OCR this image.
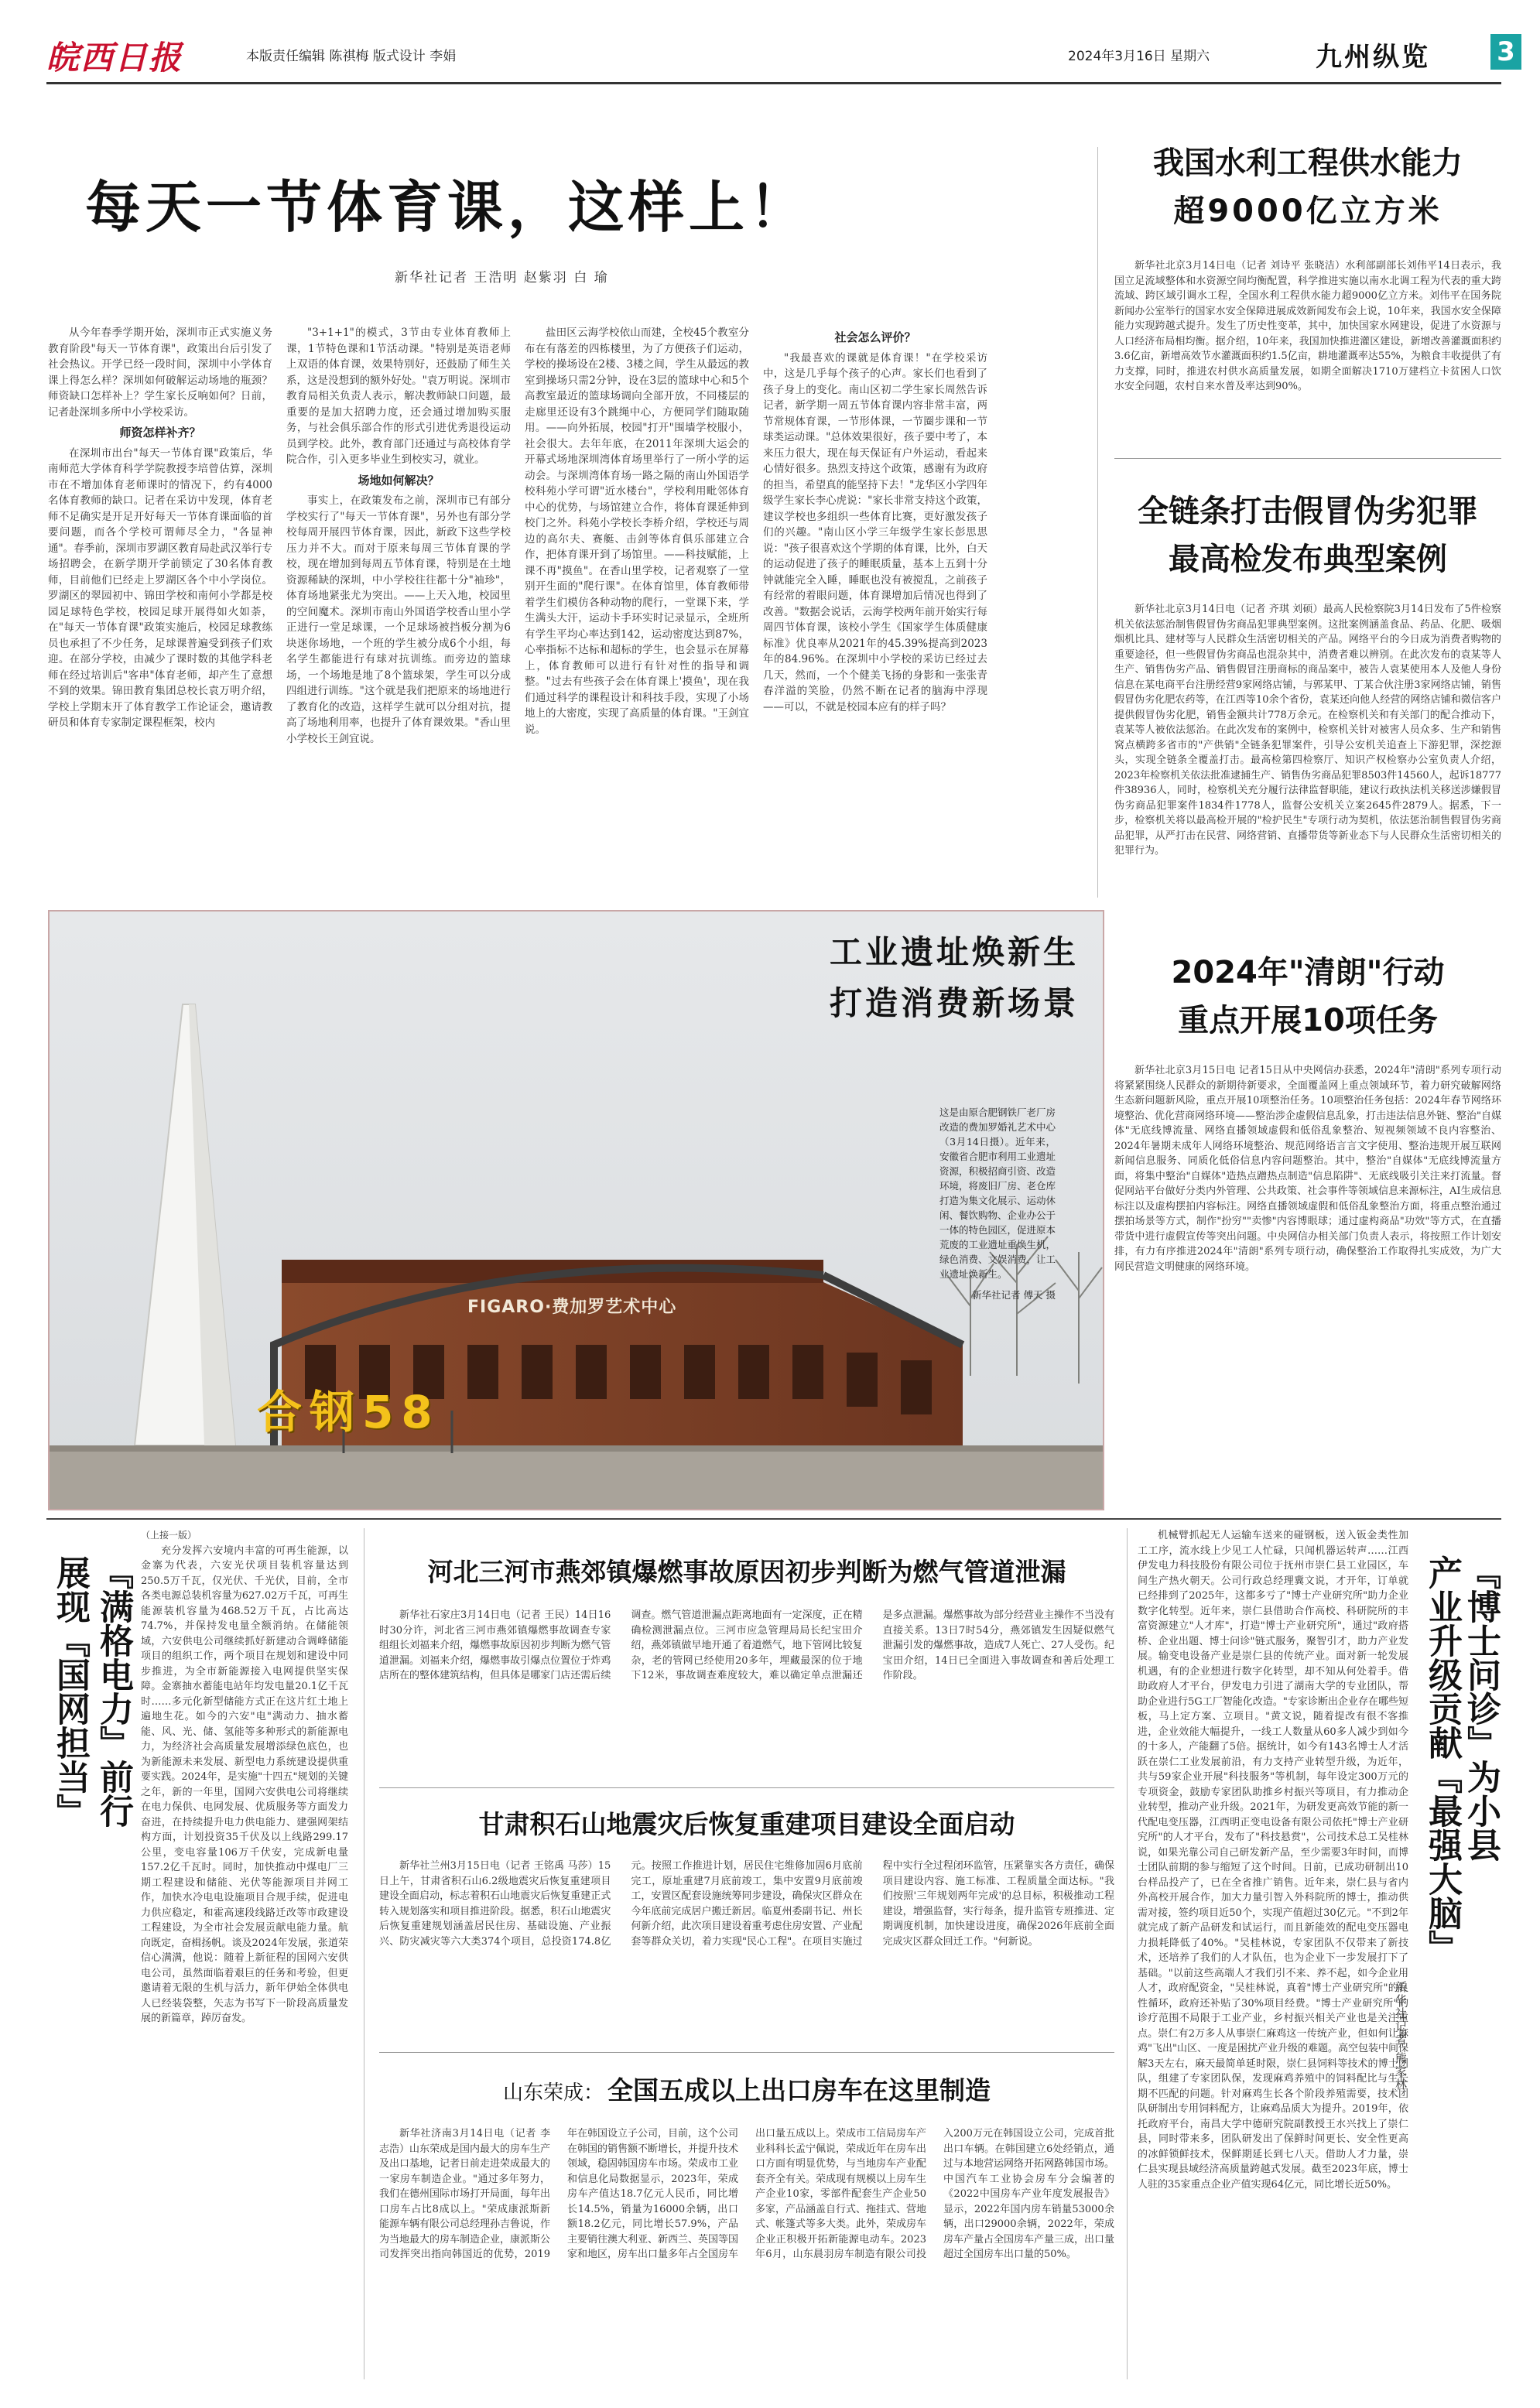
皖西日报	本版责任编辑 陈祺梅 版式设计 李娟	2024年3月16日 星期六	九州纵览	3
每天一节体育课，这样上！
新华社记者 王浩明 赵紫羽 白 瑜

从今年春季学期开始，深圳市正式实施义务教育阶段"每天一节体育课"，政策出台后引发了社会热议。开学已经一段时间，深圳中小学体育课上得怎么样？深圳如何破解运动场地的瓶颈？师资缺口怎样补上？学生家长反响如何？日前，记者赴深圳多所中小学校采访。

师资怎样补齐？

在深圳市出台"每天一节体育课"政策后，华南师范大学体育科学学院教授李培曾估算，深圳市在不增加体育老师课时的情况下，约有4000名体育教师的缺口。记者在采访中发现，体育老师不足确实是开足开好每天一节体育课面临的首要问题，而各个学校可谓师尽全力，"各显神通"。春季前，深圳市罗湖区教育局赴武汉举行专场招聘会，在新学期开学前锁定了30名体育教师，目前他们已经走上罗湖区各个中小学岗位。罗湖区的翠园初中、锦田学校和南何小学都是校园足球特色学校，校园足球开展得如火如荼，在"每天一节体育课"政策实施后，校园足球教练员也承担了不少任务，足球课普遍受到孩子们欢迎。在部分学校，由减少了课时数的其他学科老师在经过培训后"客串"体育老师，却产生了意想不到的效果。锦田教育集团总校长袁万明介绍，学校上学期末开了体育教学工作论证会，邀请教研员和体育专家制定课程框架，校内

"3+1+1"的模式，3节由专业体育教师上课，1节特色课和1节活动课。"特别是英语老师上双语的体育课，效果特别好，还鼓励了师生关系，这是没想到的额外好处。"袁万明说。深圳市教育局相关负责人表示，解决教师缺口问题，最重要的是加大招聘力度，还会通过增加购买服务，与社会俱乐部合作的形式引进优秀退役运动员到学校。此外，教育部门还通过与高校体育学院合作，引入更多毕业生到校实习，就业。

场地如何解决？

事实上，在政策发布之前，深圳市已有部分学校实行了"每天一节体育课"，另外也有部分学校每周开展四节体育课，因此，新政下这些学校压力并不大。而对于原来每周三节体育课的学校，现在增加到每周五节体育课，特别是在土地资源稀缺的深圳，中小学校往往都十分"袖珍"，体育场地紧张尤为突出。——上天入地，校园里的空间魔术。深圳市南山外国语学校香山里小学正进行一堂足球课，一个足球场被挡板分割为6块迷你场地，一个班的学生被分成6个小组，每名学生都能进行有球对抗训练。而旁边的篮球场，一个场地是地了8个篮球架，学生可以分成四组进行训练。"这个就是我们把原来的场地进行了教育化的改造，这样学生就可以分组对抗，提高了场地利用率，也提升了体育课效果。"香山里小学校长王剑宜说。

盐田区云海学校依山而建，全校45个教室分布在有落差的四栋楼里，为了方便孩子们运动，学校的操场设在2楼、3楼之间，学生从最远的教室到操场只需2分钟，设在3层的篮球中心和5个高教室最近的篮球场调向全部开放，不同楼层的走廊里还设有3个跳绳中心，方便同学们随取随用。——向外拓展，校园"打开"围墙学校服小，社会很大。去年年底，在2011年深圳大运会的开幕式场地深圳湾体育场里举行了一所小学的运动会。与深圳湾体育场一路之隔的南山外国语学校科苑小学可谓"近水楼台"，学校利用毗邻体育中心的优势，与场馆建立合作，将体育课延伸到校门之外。科苑小学校长李桥介绍，学校还与周边的高尔夫、赛艇、击剑等体育俱乐部建立合作，把体育课开到了场馆里。——科技赋能，上课不再"摸鱼"。在香山里学校，记者观察了一堂别开生面的"爬行课"。在体育馆里，体育教师带着学生们模仿各种动物的爬行，一堂课下来，学生满头大汗，运动卡手环实时记录显示，全班所有学生平均心率达到142，运动密度达到87%，心率指标不达标和超标的学生，也会显示在屏幕上，体育教师可以进行有针对性的指导和调整。"过去有些孩子会在体育课上'摸鱼'，现在我们通过科学的课程设计和科技手段，实现了小场地上的大密度，实现了高质量的体育课。"王剑宜说。

社会怎么评价？

"我最喜欢的课就是体育课！"在学校采访中，这是几乎每个孩子的心声。家长们也看到了孩子身上的变化。南山区初二学生家长周然告诉记者，新学期一周五节体育课内容非常丰富，两节常规体育课，一节形体课，一节圈步课和一节球类运动课。"总体效果很好，孩子要中考了，本来压力很大，现在每天保证有户外运动，看起来心情好很多。热烈支持这个政策，感谢有为政府的担当，希望真的能坚持下去！"龙华区小学四年级学生家长李心虎说："家长非常支持这个政策，建议学校也多组织一些体育比赛，更好激发孩子们的兴趣。"南山区小学三年级学生家长彭思思说："孩子很喜欢这个学期的体育课，比外，白天的运动促进了孩子的睡眠质量，基本上五到十分钟就能完全入睡，睡眠也没有被搅乱，之前孩子有经常的着眼问题，体育课增加后情况也得到了改善。"数据会说话，云海学校两年前开始实行每周四节体育课，该校小学生《国家学生体质健康标准》优良率从2021年的45.39%提高到2023年的84.96%。在深圳中小学校的采访已经过去几天，然而，一个个健美飞扬的身影和一张张青春洋溢的笑脸，仍然不断在记者的脑海中浮现——可以，不就是校园本应有的样子吗？

我国水利工程供水能力
超9000亿立方米

新华社北京3月14日电（记者 刘诗平 张晓洁）水利部副部长刘伟平14日表示，我国立足流域整体和水资源空间均衡配置，科学推进实施以南水北调工程为代表的重大跨流域、跨区域引调水工程，全国水利工程供水能力超9000亿立方米。刘伟平在国务院新闻办公室举行的国家水安全保障进展成效新闻发布会上说，10年来，我国水安全保障能力实现跨越式提升。发生了历史性变革，其中，加快国家水网建设，促进了水资源与人口经济布局相均衡。据介绍，10年来，我国加快推进灌区建设，新增改善灌溉面积约3.6亿亩，新增高效节水灌溉面积约1.5亿亩，耕地灌溉率达55%，为粮食丰收提供了有力支撑，同时，推进农村供水高质量发展，如期全面解决1710万建档立卡贫困人口饮水安全问题，农村自来水普及率达到90%。

全链条打击假冒伪劣犯罪
最高检发布典型案例

新华社北京3月14日电（记者 齐琪 刘硕）最高人民检察院3月14日发布了5件检察机关依法惩治制售假冒伪劣商品犯罪典型案例。这批案例涵盖食品、药品、化肥、吸烟烟机比具、建材等与人民群众生活密切相关的产品。网络平台的今日成为消费者购物的重要途径，但一些假冒伪劣商品也混杂其中，消费者难以辨别。在此次发布的袁某等人生产、销售伪劣产品、销售假冒注册商标的商品案中，被告人袁某使用本人及他人身份信息在某电商平台注册经营9家网络店铺，与郭某甲、丁某合伙注册3家网络店铺，销售假冒伪劣化肥农药等，在江西等10余个省份，袁某还向他人经营的网络店铺和微信客户提供假冒伪劣化肥，销售金额共计778万余元。在检察机关和有关部门的配合推动下，袁某等人被依法惩治。在此次发布的案例中，检察机关针对被害人员众多、生产和销售窝点横跨多省市的"产供销"全链条犯罪案件，引导公安机关追查上下游犯罪，深挖源头，实现全链条全覆盖打击。最高检第四检察厅、知识产权检察办公室负责人介绍，2023年检察机关依法批准逮捕生产、销售伪劣商品犯罪8503件14560人，起诉18777件38936人，同时，检察机关充分履行法律监督职能，建议行政执法机关移送涉嫌假冒伪劣商品犯罪案件1834件1778人，监督公安机关立案2645件2879人。据悉，下一步，检察机关将以最高检开展的"检护民生"专项行动为契机，依法惩治制售假冒伪劣商品犯罪，从严打击在民营、网络营销、直播带货等新业态下与人民群众生活密切相关的犯罪行为。

FIGARO·费加罗艺术中心
合钢58
工业遗址焕新生
打造消费新场景
这是由原合肥钢铁厂老厂房改造的费加罗婚礼艺术中心（3月14日摄）。近年来，安徽省合肥市利用工业遗址资源，积极招商引资、改造环境，将废旧厂房、老仓库打造为集文化展示、运动休闲、餐饮购物、企业办公于一体的特色园区，促进原本荒废的工业遗址重焕生机，绿色消费、文娱消费，让工业遗址焕新生。
新华社记者 傅天 摄
2024年"清朗"行动
重点开展10项任务

新华社北京3月15日电 记者15日从中央网信办获悉，2024年"清朗"系列专项行动将紧紧围绕人民群众的新期待新要求，全面覆盖网上重点领域环节，着力研究破解网络生态新问题新风险，重点开展10项整治任务。10项整治任务包括：2024年春节网络环境整治、优化营商网络环境——整治涉企虚假信息乱象，打击违法信息外链、整治"自媒体"无底线博流量、网络直播领域虚假和低俗乱象整治、短视频领域不良内容整治、2024年暑期未成年人网络环境整治、规范网络语言言文字使用、整治违规开展互联网新闻信息服务、同质化低俗信息内容问题整治。其中，整治"自媒体"无底线博流量方面，将集中整治"自媒体"造热点蹭热点制造"信息陷阱"、无底线吸引关注来打流量。督促网站平台做好分类内外管理、公共政策、社会事件等领域信息来源标注，AI生成信息标注以及虚构摆拍内容标注。网络直播领域虚假和低俗乱象整治方面，将重点整治通过摆拍场景等方式，制作"扮穷""卖惨"内容博眼球；通过虚构商品"功效"等方式，在直播带货中进行虚假宣传等突出问题。中央网信办相关部门负责人表示，将按照工作计划安排，有力有序推进2024年"清朗"系列专项行动，确保整治工作取得扎实成效，为广大网民营造文明健康的网络环境。

『满格电力』前行
展现『国网担当』
（上接一版）

充分发挥六安境内丰富的可再生能源，以金寨为代表，六安光伏项目装机容量达到250.5万千瓦，仅光伏、千光伏，目前，全市各类电源总装机容量为627.02万千瓦，可再生能源装机容量为468.52万千瓦，占比高达74.7%，并保持发电量全额消纳。在储能领域，六安供电公司继续抓好新建动合调峰储能项目的组织工作，两个项目在规划和建设中同步推进，为全市新能源接入电网提供坚实保障。金寨抽水蓄能电站年均发电量20.1亿千瓦时……多元化新型储能方式正在这片红土地上遍地生花。如今的六安"电"满动力、抽水蓄能、风、光、储、氢能等多种形式的新能源电力，为经济社会高质量发展增添绿色底色，也为新能源未来发展、新型电力系统建设提供重要实践。2024年，是实施"十四五"规划的关键之年，新的一年里，国网六安供电公司将继续在电力保供、电网发展、优质服务等方面发力奋进，在持续提升电力供电能力、建强网架结构方面，计划投资35千伏及以上线路299.17公里，变电容量106万千伏安，完成新电量157.2亿千瓦时。同时，加快推动中煤电厂三期工程建设和储能、光伏等能源项目并网工作，加快水冷电电设施项目合规手续，促进电力供应稳定，和霍高速段线路迁改等市政建设工程建设，为全市社会发展贡献电能力量。航向既定，奋楫扬帆。谈及2024年发展，张道荣信心满满，他说：随着上新征程的国网六安供电公司，虽然面临着艰巨的任务和考验，但更邀请着无限的生机与活力，新年伊始全体供电人已经装袋整，矢志为书写下一阶段高质量发展的新篇章，踔厉奋发。

河北三河市燕郊镇爆燃事故原因初步判断为燃气管道泄漏

新华社石家庄3月14日电（记者 王民）14日16时30分许，河北省三河市燕郊镇爆燃事故调查专家组组长刘福来介绍，爆燃事故原因初步判断为燃气管道泄漏。刘福来介绍，爆燃事故引爆点位置位于炸鸡店所在的整体建筑结构，但具体是哪家门店还需后续调查。燃气管道泄漏点距离地面有一定深度，正在精确检测泄漏点位。三河市应急管理局局长纪宝田介绍，燕郊镇做早地开通了着道燃气，地下管网比较复杂，老的管网已经使用20多年，埋藏最深的位于地下12米，事故调查难度较大，难以确定单点泄漏还是多点泄漏。爆燃事故为部分经营业主操作不当没有直接关系。13日7时54分，燕郊镇发生因疑似燃气泄漏引发的爆燃事故，造成7人死亡、27人受伤。纪宝田介绍，14日已全面进入事故调查和善后处理工作阶段。

甘肃积石山地震灾后恢复重建项目建设全面启动

新华社兰州3月15日电（记者 王铭禹 马莎）15日上午，甘肃省积石山6.2级地震灾后恢复重建项目建设全面启动，标志着积石山地震灾后恢复重建正式转入规划落实和项目推进阶段。据悉，积石山地震灾后恢复重建规划涵盖居民住房、基础设施、产业振兴、防灾减灾等六大类374个项目，总投资174.8亿元。按照工作推进计划，居民住宅维修加固6月底前完工，原址重建7月底前竣工，集中安置9月底前竣工，安置区配套设施统筹同步建设，确保灾区群众在今年底前完成居户搬迁新居。临夏州委副书记、州长何新介绍，此次项目建设着重考虑住房安置、产业配套等群众关切，着力实现"民心工程"。在项目实施过程中实行全过程闭环监管，压紧靠实各方责任，确保项目建设内容、施工标准、工程质量全面达标。"我们按照'三年规划两年完成'的总目标，积极推动工程建设，增强监督，实行每条，提升监管专班推进、定期调度机制，加快建设进度，确保2026年底前全面完成灾区群众回迁工作。"何新说。

山东荣成： 全国五成以上出口房车在这里制造

新华社济南3月14日电（记者 李志浩）山东荣成是国内最大的房车生产及出口基地，记者日前走进荣成最大的一家房车制造企业。"通过多年努力，我们在德州国际市场打开局面，每年出口房车占比8成以上。"荣成康派斯新能源车辆有限公司总经理孙吉鲁说，作为当地最大的房车制造企业，康派斯公司发挥突出指向韩国近的优势，2019年在韩国设立子公司，目前，这个公司在韩国的销售额不断增长，并提升技术领域，稳固韩国房车市场。荣成市工业和信息化局数据显示，2023年，荣成房车产值达18.7亿元人民币，同比增长14.5%，销量为16000余辆，出口额18.2亿元，同比增长57.9%，产品主要销往澳大利亚、新西兰、英国等国家和地区，房车出口量多年占全国房车出口量五成以上。荣成市工信局房车产业科科长孟宁佩说，荣成近年在房车出口方面有明显优势，与当地房车产业配套齐全有关。荣成现有规模以上房车生产企业10家，零部件配套生产企业50多家，产品涵盖自行式、拖挂式、营地式、帐篷式等多大类。此外，荣成房车企业正积极开拓新能源电动车。2023年6月，山东晨羽房车制造有限公司投入200万元在韩国设立公司，完成首批出口车辆。在韩国建立6处经销点，通过与本地营运网络开拓网路韩国市场。中国汽车工业协会房车分会编著的《2022中国房车产业年度发展报告》显示，2022年国内房车销量53000余辆，出口29000余辆，2022年，荣成房车产量占全国房车产量三成，出口量超过全国房车出口量的50%。

机械臂抓起无人运输车送来的碰钢板，送入钣金类性加工工序，流水线上少见工人忙碌，只闻机器运转声……江西伊发电力科技股份有限公司位于抚州市崇仁县工业园区，车间生产热火朝天。公司行政总经理冀文说，才开年，订单就已经排到了2025年，这都多亏了"博士产业研究所"助力企业数字化转型。近年来，崇仁县借助合作高校、科研院所的丰富资源建立"人才库"，打造"博士产业研究所"，通过"政府搭桥、企业出题、博士问诊"链式服务，聚智引才，助力产业发展。输变电设备产业是崇仁县的传统产业。面对新一轮发展机遇，有的企业想进行数字化转型，却不知从何处着手。借助政府人才平台，伊发电力引进了湖南大学的专业团队，帮助企业进行5G工厂智能化改造。"专家诊断出企业存在哪些短板，马上定方案、立项目。"黄文说，随着提改有很不客推进，企业效能大幅提升，一线工人数量从60多人减少到如今的十多人，产能翻了5倍。据统计，如今有143名博士人才活跃在崇仁工业发展前沿，有力支持产业转型升级，为近年，共与59家企业开展"科技服务"等机制，每年设定300万元的专项资金，鼓励专家团队助推乡村振兴等项目，有力推动企业转型，推动产业升级。2021年，为研发更高效节能的新一代配电变压器，江西明正变电设备有限公司依托"博士产业研究所"的人才平台，发布了"科技悬赏"，公司技术总工吴桂林说，如果光靠公司自己研发新产品，至少需要3年时间，而博士团队前期的参与缩短了这个时间。日前，已成功研制出10台样品投产了，已在全省推广销售。近年来，崇仁县与省内外高校开展合作，加大力量引智入外科院所的博士，推动供需对接，签约项目近50个，实现产值超过30亿元。"不到2年就完成了新产品研发和试运行，而且新能效的配电变压器电力损耗降低了40%。"吴桂林说，专家团队不仅带来了新技术，还培养了我们的人才队伍，也为企业下一步发展打下了基础。"以前这些高端人才我们引不来、养不起，如今企业用人才，政府配资金，"吴桂林说，真着"博士产业研究所"的良性循环，政府还补贴了30%项目经费。"博士产业研究所"的诊疗范围不局限于工业产业，乡村振兴相关产业也是关注重点。崇仁有2万多人从事崇仁麻鸡这一传统产业，但如何让麻鸡"飞出"山区、一度是困扰产业升级的难题。高空包装中间保解3天左右，麻天最简单延时限，崇仁县饲料等技术的博士团队，组建了专家团队保，发现麻鸡养殖中的饲料配比与生长期不匹配的问题。针对麻鸡生长各个阶段养殖需要，技术团队研制出专用饲料配方，让麻鸡品质大为提升。2019年，依托政府平台，南昌大学中德研究院副教授王水兴找上了崇仁县，同时带来多，团队研发出了保鲜时间更长、安全性更高的冰鲜锁鲜技术，保鲜期延长到七八天。借助人才力量，崇仁县实现县域经济高质量跨越式发展。截至2023年底，博士人驻的35家重点企业产值实现64亿元，同比增长近50%。

『博士问诊』为小县
产业升级贡献『最强大脑』
新华社记者 熊家林
